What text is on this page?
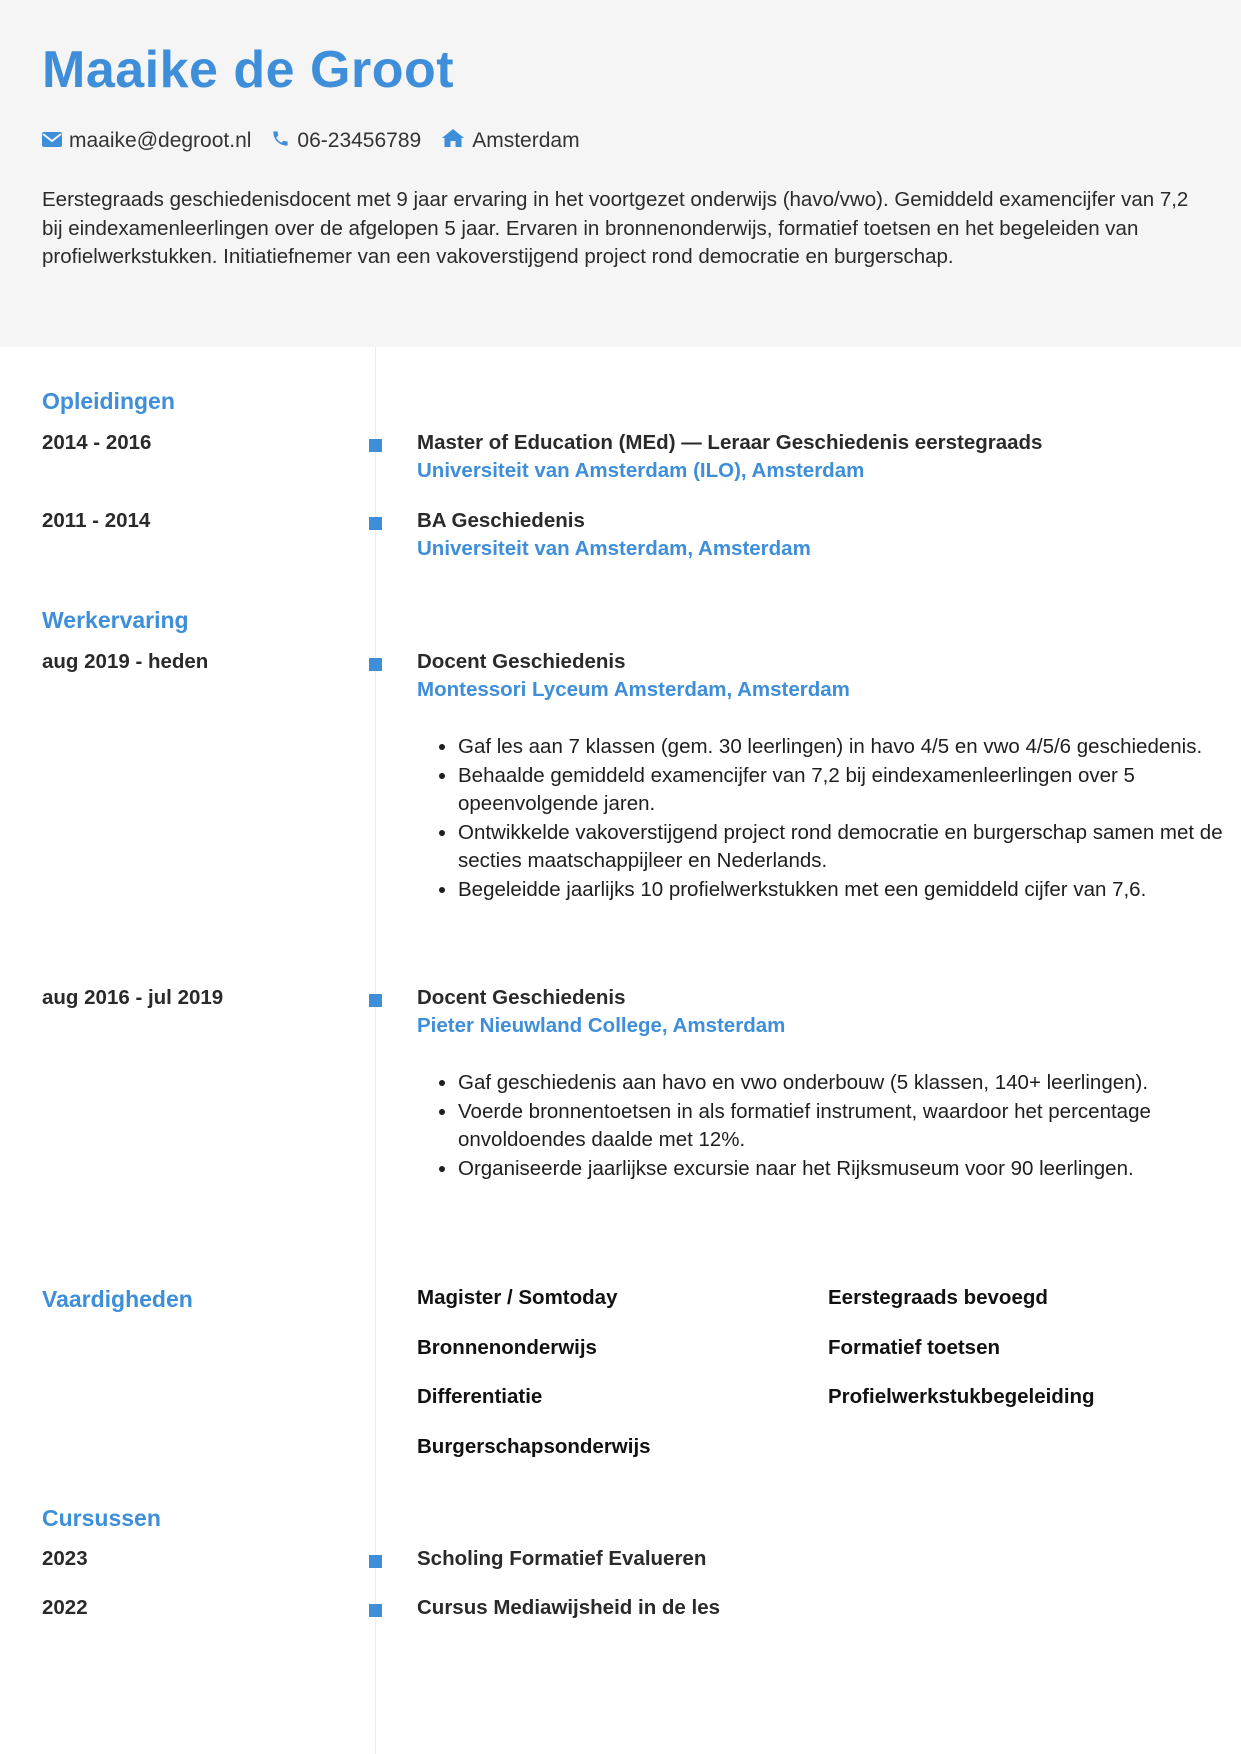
Maaike de Groot
maaike@degroot.nl 06-23456789 Amsterdam

Eerstegraads geschiedenisdocent met 9 jaar ervaring in het voortgezet onderwijs (havo/vwo). Gemiddeld examencijfer van 7,2 bij eindexamenleerlingen over de afgelopen 5 jaar. Ervaren in bronnenonderwijs, formatief toetsen en het begeleiden van profielwerkstukken. Initiatiefnemer van een vakoverstijgend project rond democratie en burgerschap.

Opleidingen
2014 - 2016	Master of Education (MEd) — Leraar Geschiedenis eerstegraads
Universiteit van Amsterdam (ILO), Amsterdam
2011 - 2014	BA Geschiedenis
Universiteit van Amsterdam, Amsterdam
Werkervaring
aug 2019 - heden	Docent Geschiedenis
Montessori Lyceum Amsterdam, Amsterdam
• Gaf les aan 7 klassen (gem. 30 leerlingen) in havo 4/5 en vwo 4/5/6 geschiedenis.
• Behaalde gemiddeld examencijfer van 7,2 bij eindexamenleerlingen over 5 opeenvolgende jaren.
• Ontwikkelde vakoverstijgend project rond democratie en burgerschap samen met de secties maatschappijleer en Nederlands.
• Begeleidde jaarlijks 10 profielwerkstukken met een gemiddeld cijfer van 7,6.
aug 2016 - jul 2019	Docent Geschiedenis
Pieter Nieuwland College, Amsterdam
• Gaf geschiedenis aan havo en vwo onderbouw (5 klassen, 140+ leerlingen).
• Voerde bronnentoetsen in als formatief instrument, waardoor het percentage onvoldoendes daalde met 12%.
• Organiseerde jaarlijkse excursie naar het Rijksmuseum voor 90 leerlingen.
Vaardigheden	Magister / Somtoday	Eerstegraads bevoegd
Bronnenonderwijs	Formatief toetsen
Differentiatie	Profielwerkstukbegeleiding
Burgerschapsonderwijs
Cursussen
2023	Scholing Formatief Evalueren
2022	Cursus Mediawijsheid in de les
